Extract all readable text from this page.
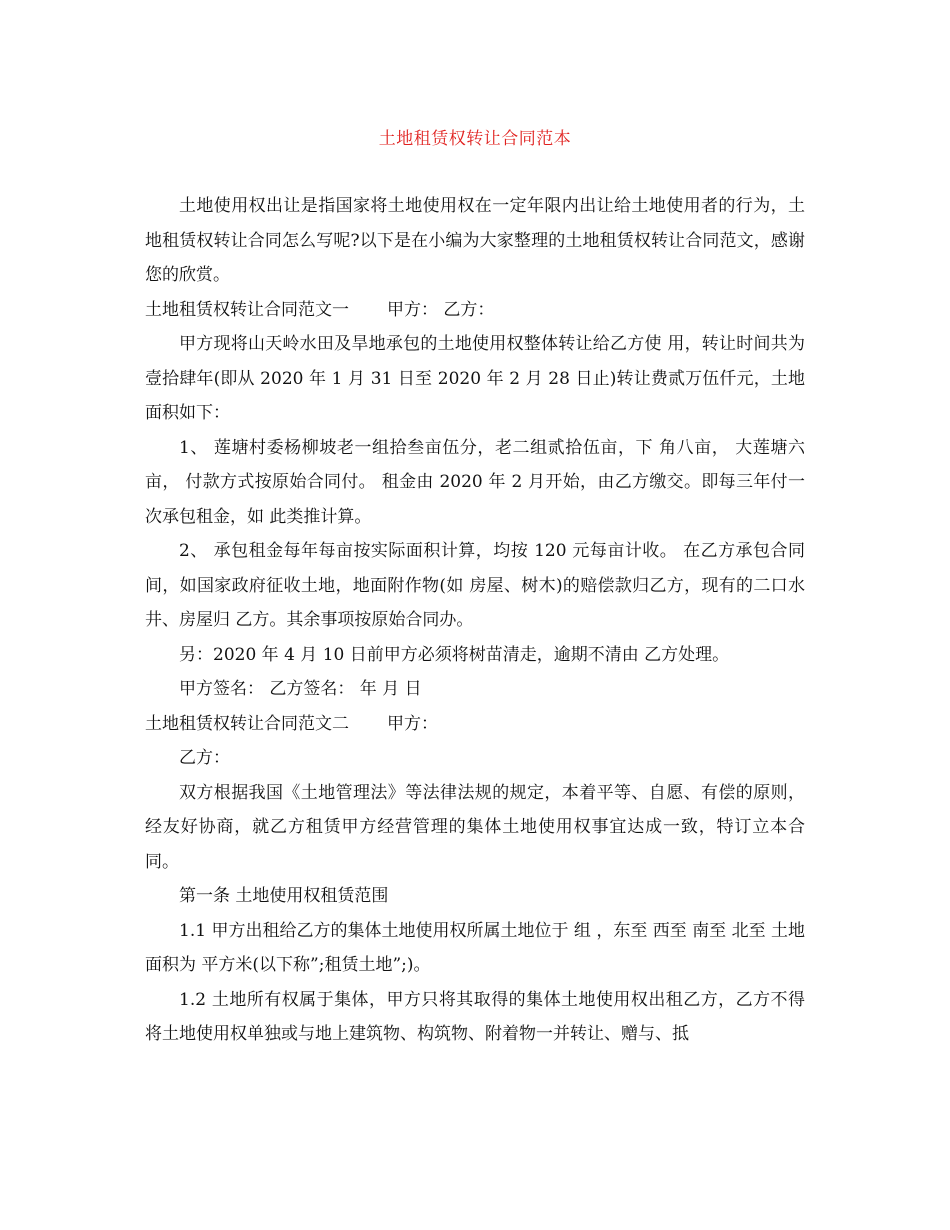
土地租赁权转让合同范本

土地使用权出让是指国家将土地使用权在一定年限内出让给土地使用者的行为，土地租赁权转让合同怎么写呢?以下是在小编为大家整理的土地租赁权转让合同范文，感谢您的欣赏。

土地租赁权转让合同范文一 甲方： 乙方：

甲方现将山天岭水田及旱地承包的土地使用权整体转让给乙方使 用，转让时间共为壹拾肆年(即从 2020 年 1 月 31 日至 2020 年 2 月 28 日止)转让费贰万伍仟元，土地面积如下：

1、 莲塘村委杨柳坡老一组拾叁亩伍分，老二组贰拾伍亩，下 角八亩， 大莲塘六亩， 付款方式按原始合同付。 租金由 2020 年 2 月开始，由乙方缴交。即每三年付一次承包租金，如 此类推计算。

2、 承包租金每年每亩按实际面积计算，均按 120 元每亩计收。 在乙方承包合同间，如国家政府征收土地，地面附作物(如 房屋、树木)的赔偿款归乙方，现有的二口水井、房屋归 乙方。其余事项按原始合同办。

另：2020 年 4 月 10 日前甲方必须将树苗清走，逾期不清由 乙方处理。

甲方签名： 乙方签名： 年 月 日

土地租赁权转让合同范文二 甲方：

乙方：

双方根据我国《土地管理法》等法律法规的规定，本着平等、自愿、有偿的原则，经友好协商，就乙方租赁甲方经营管理的集体土地使用权事宜达成一致，特订立本合同。

第一条 土地使用权租赁范围

1.1 甲方出租给乙方的集体土地使用权所属土地位于 组 ，东至 西至 南至 北至 土地面积为 平方米(以下称”;租赁土地”;)。

1.2 土地所有权属于集体，甲方只将其取得的集体土地使用权出租乙方，乙方不得将土地使用权单独或与地上建筑物、构筑物、附着物一并转让、赠与、抵
